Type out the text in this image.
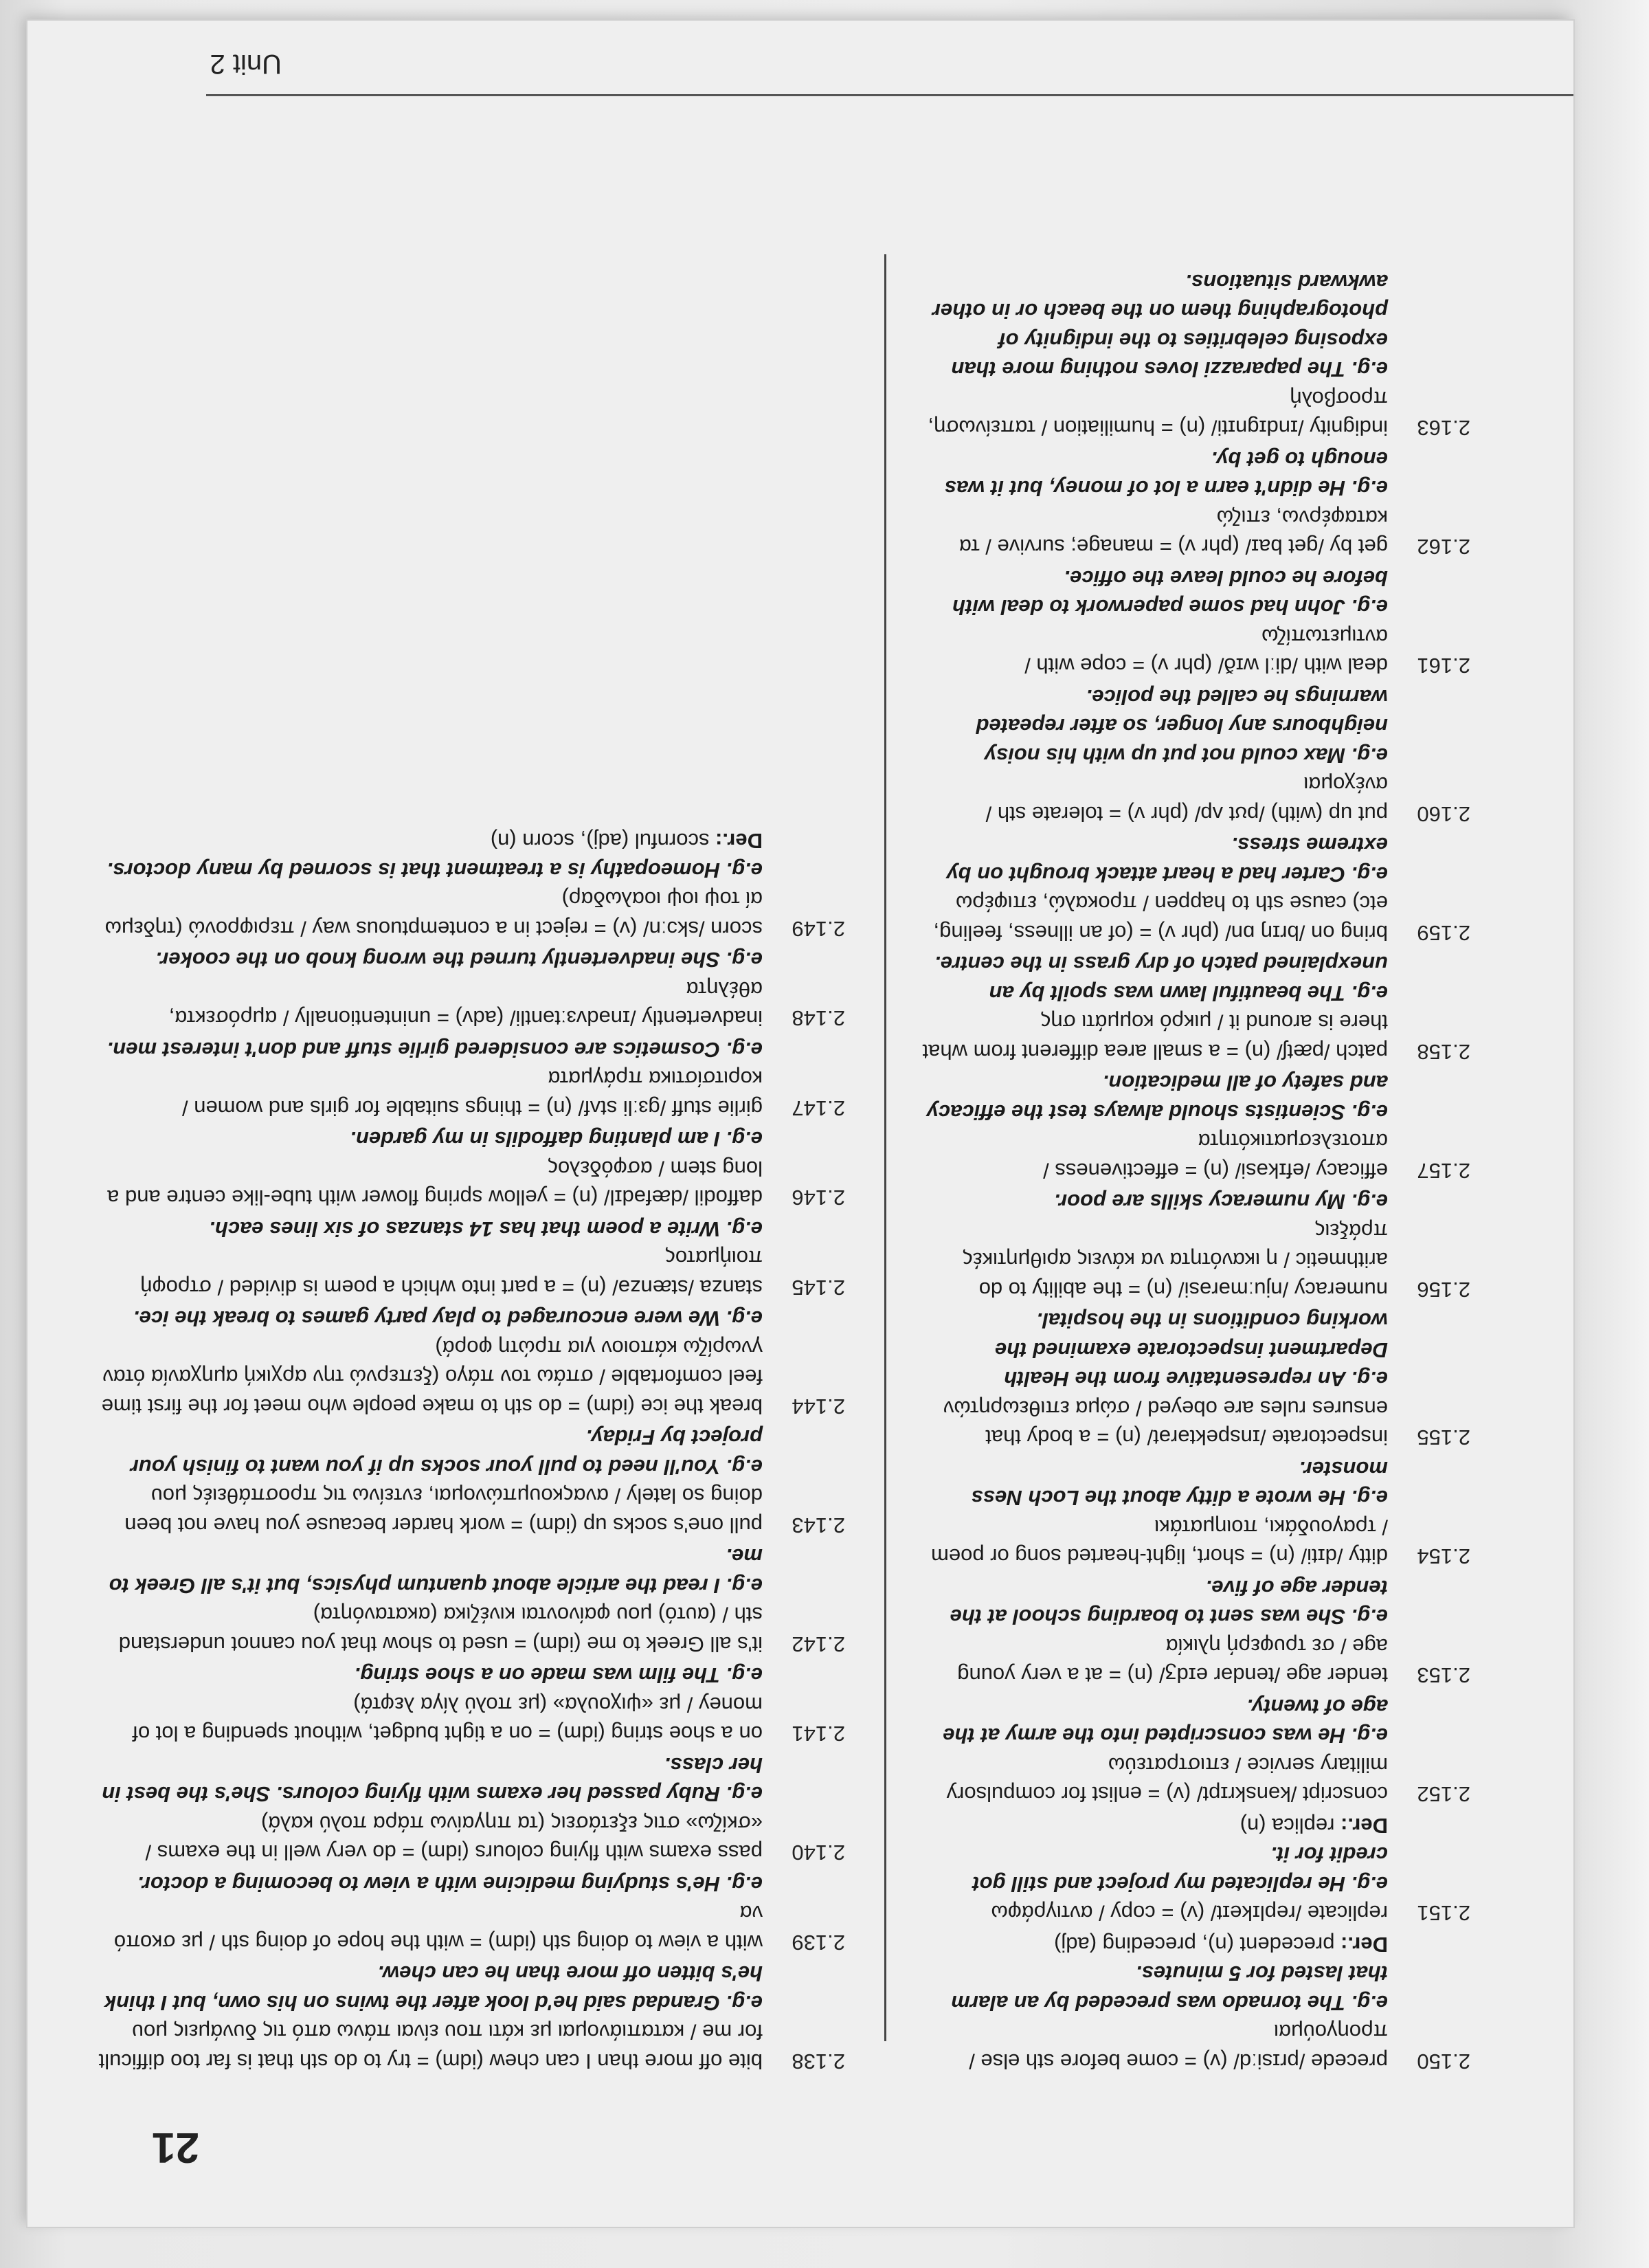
21
2.150
precede /prɪsiːd/ (v) = come before sth else / προηγούμαι
e.g. The tornado was preceded by an alarm that lasted for 5 minutes.
Der.: precedent (n), preceding (adj)
2.151
replicate /replɪkeɪt/ (v) = copy / αντιγράφω
e.g. He replicated my project and still got credit for it.
Der.: replica (n)
2.152
conscript /kənskrɪpt/ (v) = enlist for compulsory military service / επιστρατεύω
e.g. He was conscripted into the army at the age of twenty.
2.153
tender age /tendər eɪdʒ/ (n) = at a very young age / σε τρυφερή ηλικία
e.g. She was sent to boarding school at the tender age of five.
2.154
ditty /dɪti/ (n) = short, light-hearted song or poem / τραγουδάκι, ποιηματάκι
e.g. He wrote a ditty about the Loch Ness monster.
2.155
inspectorate /ɪnspektərət/ (n) = a body that ensures rules are obeyed / σώμα επιθεωρητών
e.g. An representative from the Health Department inspectorate examined the working conditions in the hospital.
2.156
numeracy /njuːmərəsi/ (n) = the ability to do arithmetic / η ικανότητα να κάνεις αριθμητικές πράξεις
e.g. My numeracy skills are poor.
2.157
efficacy /efɪkəsi/ (n) = effectiveness / αποτελεσματικότητα
e.g. Scientists should always test the efficacy and safety of all medication.
2.158
patch /pætʃ/ (n) = a small area different from what there is around it / μικρό κομμάτι σης
e.g. The beautiful lawn was spoilt by an unexplained patch of dry grass in the centre.
2.159
bring on /brɪŋ ɒn/ (phr v) = (of an illness, feeling, etc) cause sth to happen / προκαλώ, επιφέρω
e.g. Carter had a heart attack brought on by extreme stress.
2.160
put up (with) /pʊt ʌp/ (phr v) = tolerate sth / ανέχομαι
e.g. Max could not put up with his noisy neighbours any longer, so after repeated warnings he called the police.
2.161
deal with /diːl wɪð/ (phr v) = cope with / αντιμετωπίζω
e.g. John had some paperwork to deal with before he could leave the office.
2.162
get by /get baɪ/ (phr v) = manage; survive / τα καταφέρνω, επιζώ
e.g. He didn't earn a lot of money, but it was enough to get by.
2.163
indignity /ɪndɪgnɪti/ (n) = humiliation / ταπείνωση, προσβολή
e.g. The paparazzi loves nothing more than exposing celebrities to the indignity of photographing them on the beach or in other awkward situations.
2.138
bite off more than I can chew (idm) = try to do sth that is far too difficult for me / καταπιάνομαι με κάτι που είναι πάνω από τις δυνάμεις μου
e.g. Grandad said he'd look after the twins on his own, but I think he's bitten off more than he can chew.
2.139
with a view to doing sth (idm) = with the hope of doing sth / με σκοπό να
e.g. He's studying medicine with a view to becoming a doctor.
2.140
pass exams with flying colours (idm) = do very well in the exams / «σκίζω» στις εξετάσεις (τα πηγαίνω πάρα πολύ καλά)
e.g. Ruby passed her exams with flying colours. She's the best in her class.
2.141
on a shoe string (idm) = on a tight budget, without spending a lot of money / με «ψιχουλα» (με πολύ λίγα λεφτά)
e.g. The film was made on a shoe string.
2.142
it's all Greek to me (idm) = used to show that you cannot understand sth / (αυτό) μου φαίνονται κινέζικα (ακατανόητα)
e.g. I read the article about quantum physics, but it's all Greek to me.
2.143
pull one's socks up (idm) = work harder because you have not been doing so lately / αναςκουμπώνομαι, εντείνω τις προσπάθειές μου
e.g. You'll need to pull your socks up if you want to finish your project by Friday.
2.144
break the ice (idm) = do sth to make people who meet for the first time feel comfortable / σπάω τον πάγο (ξεπερνώ την αρχική αμηχανία όταν γνωρίζω κάποιον για πρώτη φορά)
e.g. We were encouraged to play party games to break the ice.
2.145
stanza /stænzə/ (n) = a part into which a poem is divided / στροφή ποιήματος
e.g. Write a poem that has 14 stanzas of six lines each.
2.146
daffodil /dæfədɪl/ (n) = yellow spring flower with tube-like centre and a long stem / ασφόδελος
e.g. I am planting daffodils in my garden.
2.147
girlie stuff /gɜːli stʌf/ (n) = things suitable for girls and women / κοριτσίστικα πράγματα
e.g. Cosmetics are considered girlie stuff and don't interest men.
2.148
inadvertently /ɪnədvɜːtəntli/ (adv) = unintentionally / αμρόσεκτα, αθέλητα
e.g. She inadvertently turned the wrong knob on the cooker.
2.149
scorn /skɔːn/ (v) = reject in a contemptuous way / περιφρονώ (τηδεμω αί τοψ ιοψ ιοαλωδαρ)
e.g. Homeopathy is a treatment that is scorned by many doctors.
Der.: scornful (adj), scorn (n)
Unit 2
